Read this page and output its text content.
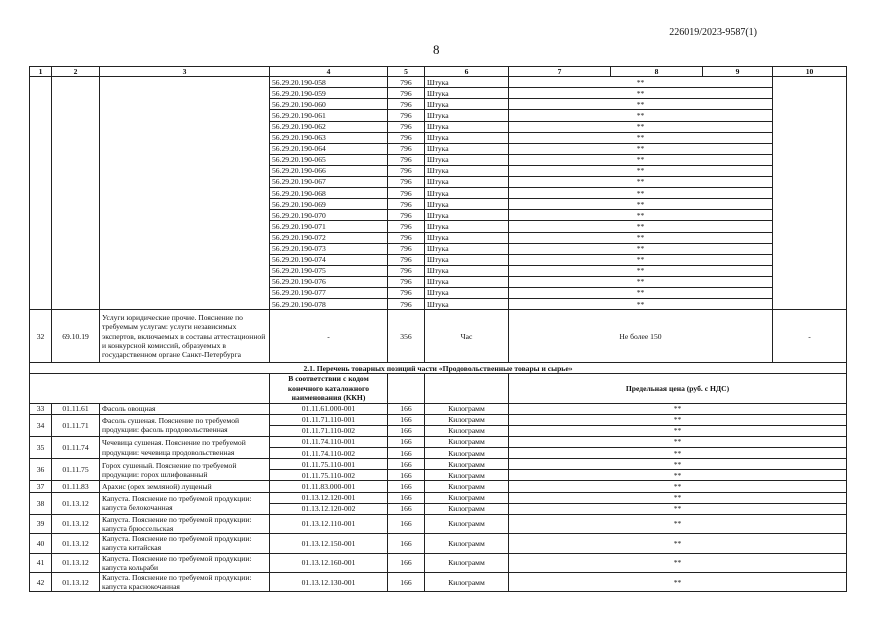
226019/2023-9587(1)
8
1	2	3	4	5	6	7	8	9	10
			56.29.20.190-058	796	Штука	**			
			56.29.20.190-059	796	Штука	**			
			56.29.20.190-060	796	Штука	**			
			56.29.20.190-061	796	Штука	**			
			56.29.20.190-062	796	Штука	**			
			56.29.20.190-063	796	Штука	**			
			56.29.20.190-064	796	Штука	**			
			56.29.20.190-065	796	Штука	**			
			56.29.20.190-066	796	Штука	**			
			56.29.20.190-067	796	Штука	**			
			56.29.20.190-068	796	Штука	**			
			56.29.20.190-069	796	Штука	**			
			56.29.20.190-070	796	Штука	**			
			56.29.20.190-071	796	Штука	**			
			56.29.20.190-072	796	Штука	**			
			56.29.20.190-073	796	Штука	**			
			56.29.20.190-074	796	Штука	**			
			56.29.20.190-075	796	Штука	**			
			56.29.20.190-076	796	Штука	**			
			56.29.20.190-077	796	Штука	**			
			56.29.20.190-078	796	Штука	**			
32	69.10.19	Услуги юридические прочие. Пояснение по требуемым услугам: услуги независимых экспертов, включаемых в составы аттестационной и конкурсной комиссий, образуемых в государственном органе Санкт-Петербурга	-	356	Час	Не более 150			-
2.1. Перечень товарных позиций части «Продовольственные товары и сырье»									
			В соответствии с кодом конечного каталожного наименования (ККН)			Предельная цена (руб. с НДС)			
33	01.11.61	Фасоль овощная	01.11.61.000-001	166	Килограмм	**			
34	01.11.71	Фасоль сушеная. Пояснение по требуемой продукции: фасоль продовольственная	01.11.71.110-001	166	Килограмм	**			
			01.11.71.110-002	166	Килограмм	**			
35	01.11.74	Чечевица сушеная. Пояснение по требуемой продукции: чечевица продовольственная	01.11.74.110-001	166	Килограмм	**			
			01.11.74.110-002	166	Килограмм	**			
36	01.11.75	Горох сушеный. Пояснение по требуемой продукции: горох шлифованный	01.11.75.110-001	166	Килограмм	**			
			01.11.75.110-002	166	Килограмм	**			
37	01.11.83	Арахис (орех земляной) лущеный	01.11.83.000-001	166	Килограмм	**			
38	01.13.12	Капуста. Пояснение по требуемой продукции: капуста белокочанная	01.13.12.120-001	166	Килограмм	**			
			01.13.12.120-002	166	Килограмм	**			
39	01.13.12	Капуста. Пояснение по требуемой продукции: капуста брюссельская	01.13.12.110-001	166	Килограмм	**			
40	01.13.12	Капуста. Пояснение по требуемой продукции: капуста китайская	01.13.12.150-001	166	Килограмм	**			
41	01.13.12	Капуста. Пояснение по требуемой продукции: капуста кольраби	01.13.12.160-001	166	Килограмм	**			
42	01.13.12	Капуста. Пояснение по требуемой продукции: капуста краснокочанная	01.13.12.130-001	166	Килограмм	**			
